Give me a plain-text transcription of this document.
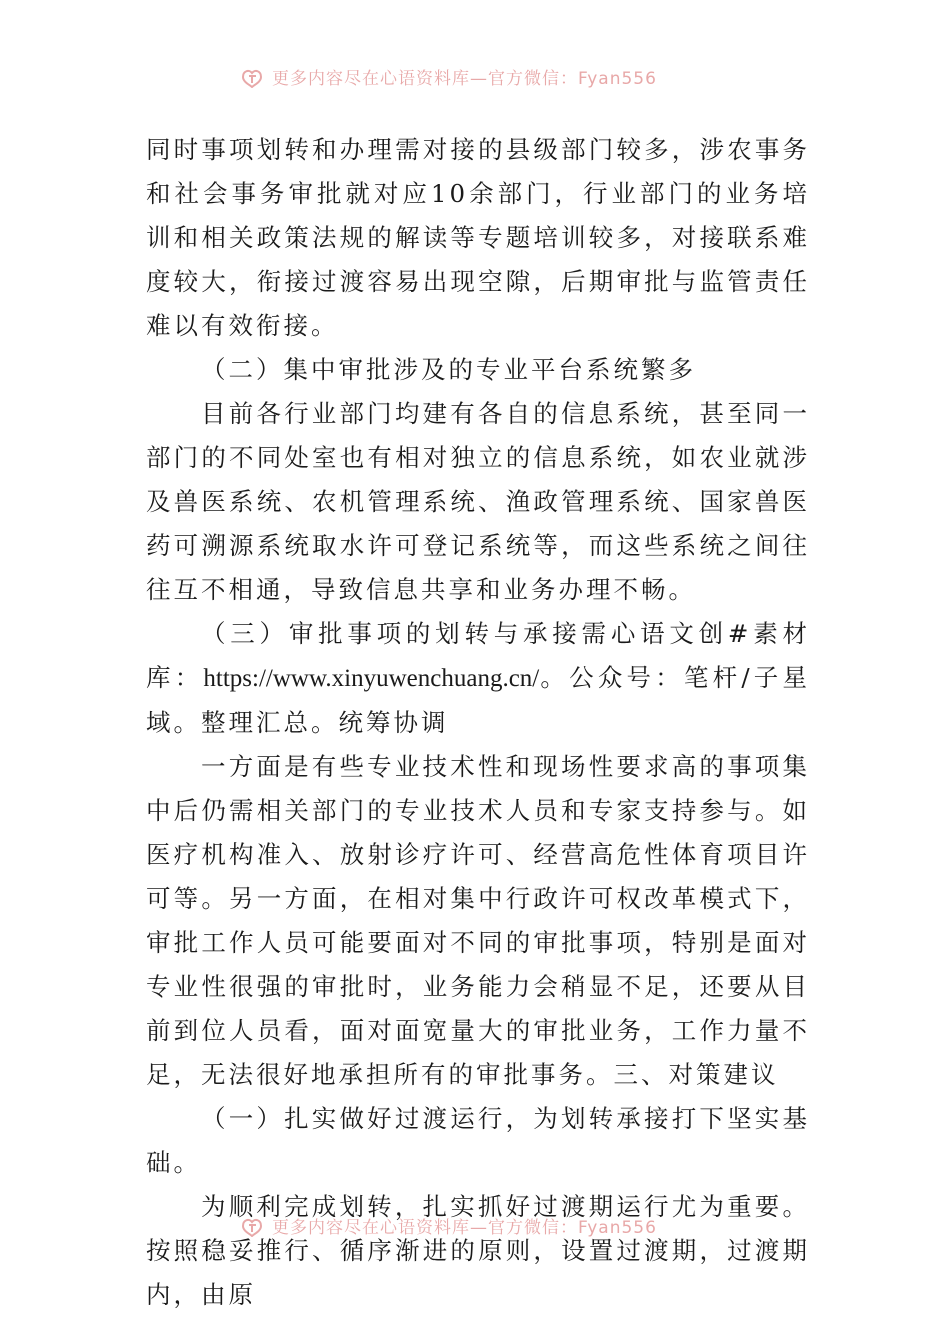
更多内容尽在心语资料库—官方微信：Fyan556

同时事项划转和办理需对接的县级部门较多，涉农事务和社会事务审批就对应10余部门，行业部门的业务培训和相关政策法规的解读等专题培训较多，对接联系难度较大，衔接过渡容易出现空隙，后期审批与监管责任难以有效衔接。

（二）集中审批涉及的专业平台系统繁多

目前各行业部门均建有各自的信息系统，甚至同一部门的不同处室也有相对独立的信息系统，如农业就涉及兽医系统、农机管理系统、渔政管理系统、国家兽医药可溯源系统取水许可登记系统等，而这些系统之间往往互不相通，导致信息共享和业务办理不畅。

（三）审批事项的划转与承接需心语文创#素材库：https://www.xinyuwenchuang.cn/。公众号：笔杆/子星域。整理汇总。统筹协调

一方面是有些专业技术性和现场性要求高的事项集中后仍需相关部门的专业技术人员和专家支持参与。如医疗机构准入、放射诊疗许可、经营高危性体育项目许可等。另一方面，在相对集中行政许可权改革模式下，审批工作人员可能要面对不同的审批事项，特别是面对专业性很强的审批时，业务能力会稍显不足，还要从目前到位人员看，面对面宽量大的审批业务，工作力量不足，无法很好地承担所有的审批事务。三、对策建议

（一）扎实做好过渡运行，为划转承接打下坚实基础。

为顺利完成划转，扎实抓好过渡期运行尤为重要。按照稳妥推行、循序渐进的原则，设置过渡期，过渡期内，由原

更多内容尽在心语资料库—官方微信：Fyan556
